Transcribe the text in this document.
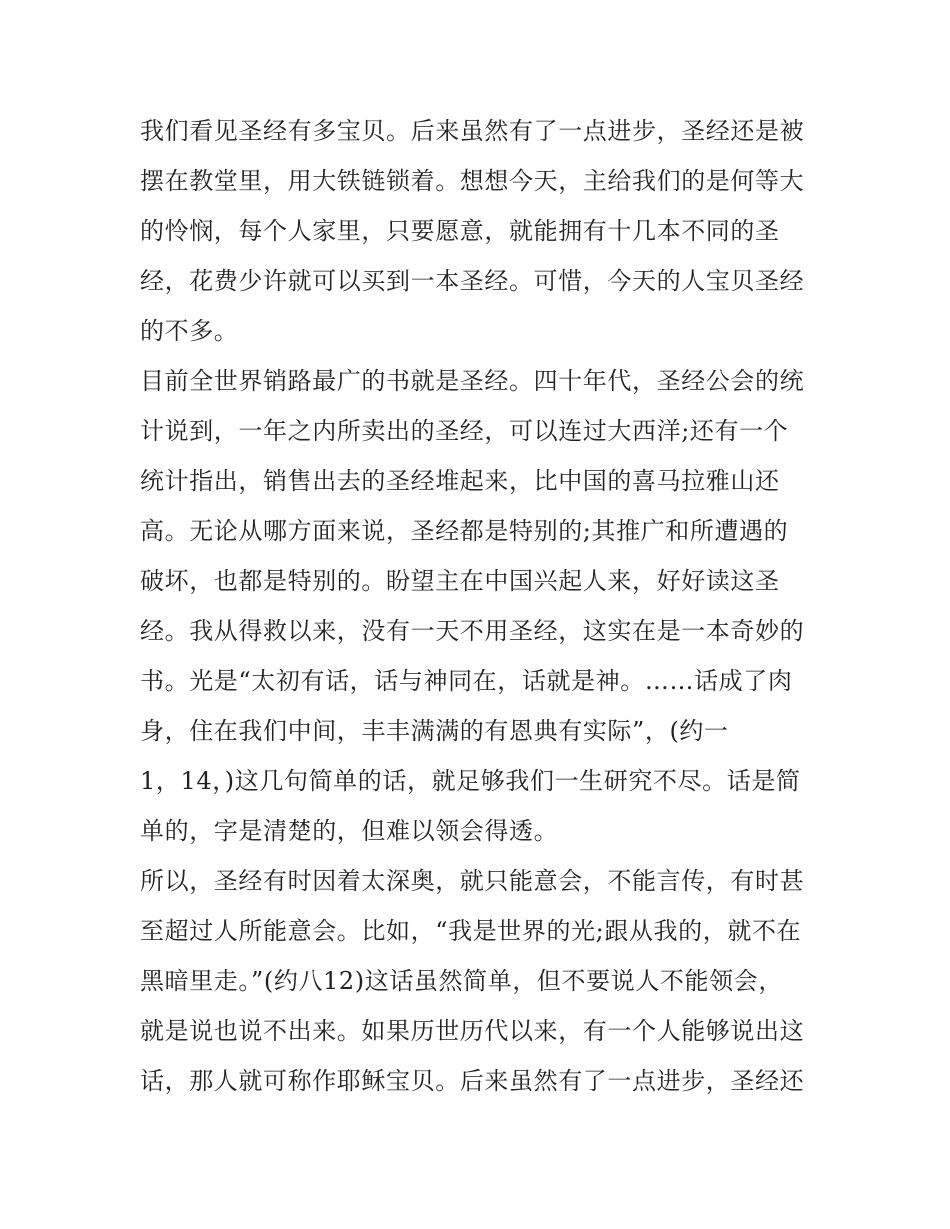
我们看见圣经有多宝贝。后来虽然有了一点进步，圣经还是被
摆在教堂里，用大铁链锁着。想想今天，主给我们的是何等大
的怜悯，每个人家里，只要愿意，就能拥有十几本不同的圣
经，花费少许就可以买到一本圣经。可惜，今天的人宝贝圣经
的不多。
目前全世界销路最广的书就是圣经。四十年代，圣经公会的统
计说到，一年之内所卖出的圣经，可以连过大西洋;还有一个
统计指出，销售出去的圣经堆起来，比中国的喜马拉雅山还
高。无论从哪方面来说，圣经都是特别的;其推广和所遭遇的
破坏，也都是特别的。盼望主在中国兴起人来，好好读这圣
经。我从得救以来，没有一天不用圣经，这实在是一本奇妙的
书。光是“太初有话，话与神同在，话就是神。……话成了肉
身，住在我们中间，丰丰满满的有恩典有实际”，(约一
1，14，)这几句简单的话，就足够我们一生研究不尽。话是简
单的，字是清楚的，但难以领会得透。
所以，圣经有时因着太深奥，就只能意会，不能言传，有时甚
至超过人所能意会。比如，“我是世界的光;跟从我的，就不在
黑暗里走。”(约八12)这话虽然简单，但不要说人不能领会，
就是说也说不出来。如果历世历代以来，有一个人能够说出这
话，那人就可称作耶稣宝贝。后来虽然有了一点进步，圣经还
